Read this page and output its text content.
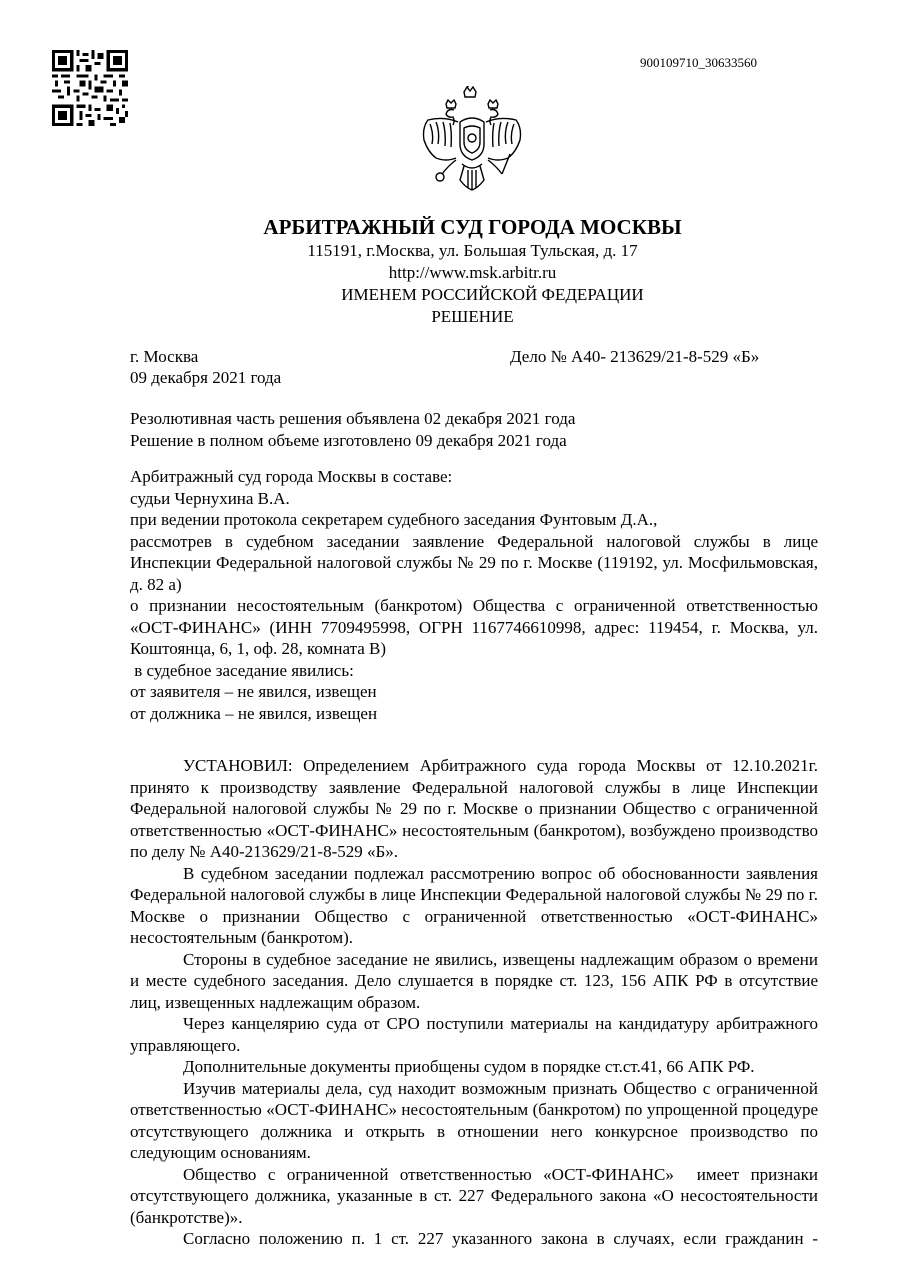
900109710_30633560
АРБИТРАЖНЫЙ СУД ГОРОДА МОСКВЫ
115191, г.Москва, ул. Большая Тульская, д. 17
http://www.msk.arbitr.ru
ИМЕНЕМ РОССИЙСКОЙ ФЕДЕРАЦИИ
РЕШЕНИЕ
г. Москва	Дело № А40- 213629/21-8-529 «Б»
09 декабря 2021 года
Резолютивная часть решения объявлена 02 декабря 2021 года
Решение в полном объеме изготовлено 09 декабря 2021 года

Арбитражный суд города Москвы в составе:

судьи Чернухина В.А.

при ведении протокола секретарем судебного заседания Фунтовым Д.А.,

рассмотрев в судебном заседании заявление Федеральной налоговой службы в лице Инспекции Федеральной налоговой службы № 29 по г. Москве (119192, ул. Мосфильмовская, д. 82 а)

о признании несостоятельным (банкротом) Общества с ограниченной ответственностью «ОСТ-ФИНАНС» (ИНН 7709495998, ОГРН 1167746610998, адрес: 119454, г. Москва, ул. Коштоянца, 6, 1, оф. 28, комната В)

в судебное заседание явились:

от заявителя – не явился, извещен

от должника – не явился, извещен

УСТАНОВИЛ: Определением Арбитражного суда города Москвы от 12.10.2021г. принято к производству заявление Федеральной налоговой службы в лице Инспекции Федеральной налоговой службы № 29 по г. Москве о признании Общество с ограниченной ответственностью «ОСТ-ФИНАНС» несостоятельным (банкротом), возбуждено производство по делу № А40-213629/21-8-529 «Б».

В судебном заседании подлежал рассмотрению вопрос об обоснованности заявления Федеральной налоговой службы в лице Инспекции Федеральной налоговой службы № 29 по г. Москве о признании Общество с ограниченной ответственностью «ОСТ-ФИНАНС» несостоятельным (банкротом).

Стороны в судебное заседание не явились, извещены надлежащим образом о времени и месте судебного заседания. Дело слушается в порядке ст. 123, 156 АПК РФ в отсутствие лиц, извещенных надлежащим образом.

Через канцелярию суда от СРО поступили материалы на кандидатуру арбитражного управляющего.

Дополнительные документы приобщены судом в порядке ст.ст.41, 66 АПК РФ.

Изучив материалы дела, суд находит возможным признать Общество с ограниченной ответственностью «ОСТ-ФИНАНС» несостоятельным (банкротом) по упрощенной процедуре отсутствующего должника и открыть в отношении него конкурсное производство по следующим основаниям.

Общество с ограниченной ответственностью «ОСТ-ФИНАНС»  имеет признаки отсутствующего должника, указанные в ст. 227 Федерального закона «О несостоятельности (банкротстве)».

Согласно положению п. 1 ст. 227 указанного закона в случаях, если гражданин -
